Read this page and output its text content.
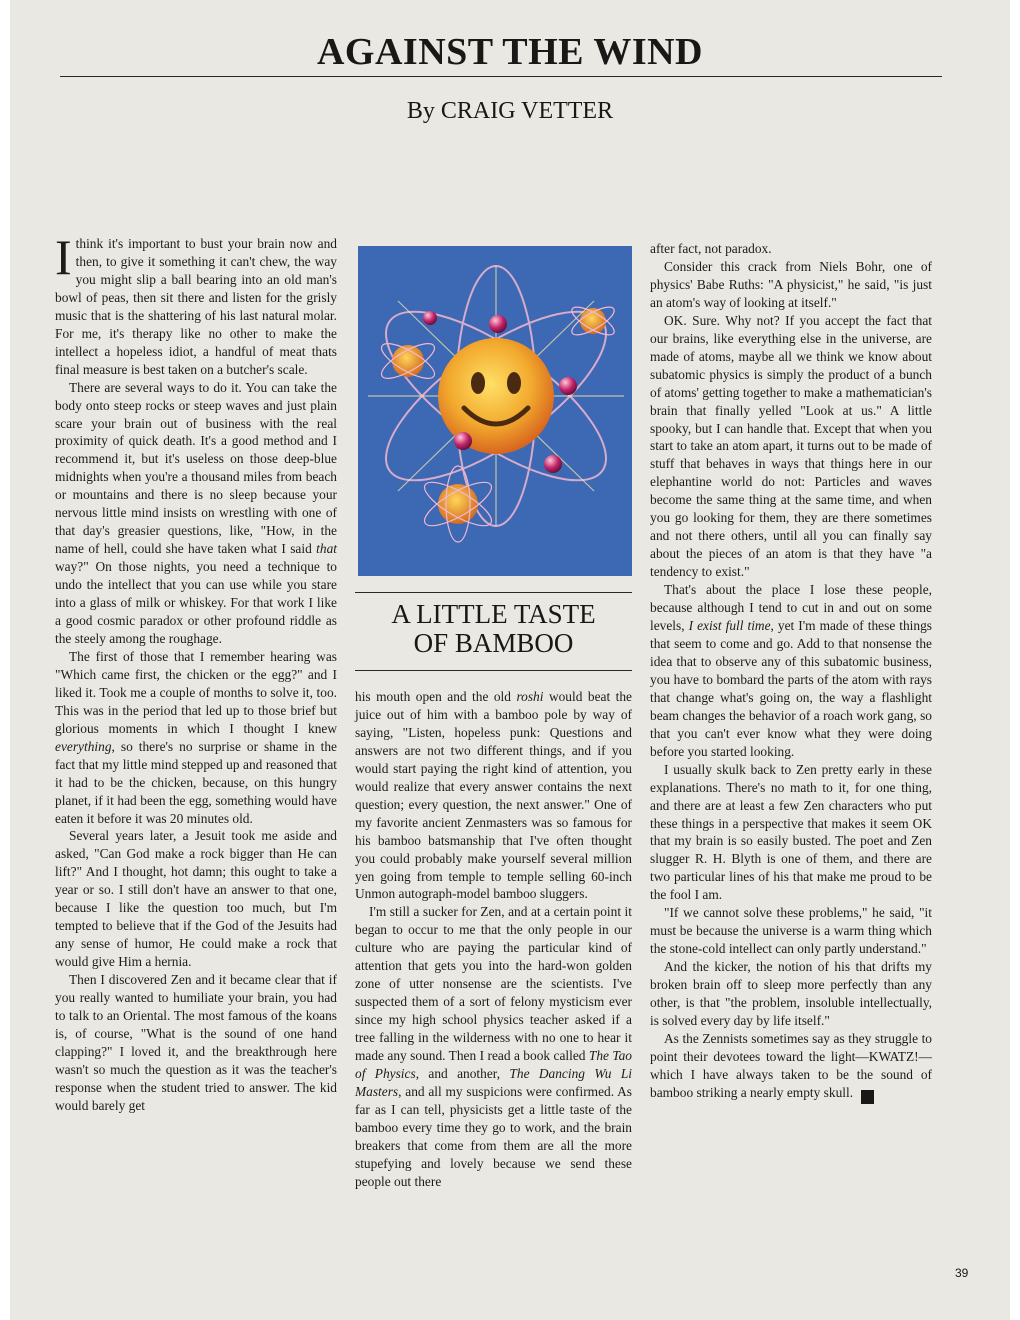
AGAINST THE WIND
By CRAIG VETTER

Ithink it's important to bust your brain now and then, to give it something it can't chew, the way you might slip a ball bearing into an old man's bowl of peas, then sit there and listen for the grisly music that is the shattering of his last natural molar. For me, it's therapy like no other to make the intellect a hopeless idiot, a handful of meat thats final measure is best taken on a butcher's scale.

There are several ways to do it. You can take the body onto steep rocks or steep waves and just plain scare your brain out of business with the real proximity of quick death. It's a good method and I recommend it, but it's useless on those deep-blue midnights when you're a thousand miles from beach or mountains and there is no sleep because your nervous little mind insists on wrestling with one of that day's greasier questions, like, "How, in the name of hell, could she have taken what I said that way?" On those nights, you need a technique to undo the intellect that you can use while you stare into a glass of milk or whiskey. For that work I like a good cosmic paradox or other profound riddle as the steely among the roughage.

The first of those that I remember hearing was "Which came first, the chicken or the egg?" and I liked it. Took me a couple of months to solve it, too. This was in the period that led up to those brief but glorious moments in which I thought I knew everything, so there's no surprise or shame in the fact that my little mind stepped up and reasoned that it had to be the chicken, because, on this hungry planet, if it had been the egg, something would have eaten it before it was 20 minutes old.

Several years later, a Jesuit took me aside and asked, "Can God make a rock bigger than He can lift?" And I thought, hot damn; this ought to take a year or so. I still don't have an answer to that one, because I like the question too much, but I'm tempted to believe that if the God of the Jesuits had any sense of humor, He could make a rock that would give Him a hernia.

Then I discovered Zen and it became clear that if you really wanted to humiliate your brain, you had to talk to an Oriental. The most famous of the koans is, of course, "What is the sound of one hand clapping?" I loved it, and the breakthrough here wasn't so much the question as it was the teacher's response when the student tried to answer. The kid would barely get

A LITTLE TASTE
OF BAMBOO

his mouth open and the old roshi would beat the juice out of him with a bamboo pole by way of saying, "Listen, hopeless punk: Questions and answers are not two different things, and if you would start paying the right kind of attention, you would realize that every answer contains the next question; every question, the next answer." One of my favorite ancient Zenmasters was so famous for his bamboo batsmanship that I've often thought you could probably make yourself several million yen going from temple to temple selling 60-inch Unmon autograph-model bamboo sluggers.

I'm still a sucker for Zen, and at a certain point it began to occur to me that the only people in our culture who are paying the particular kind of attention that gets you into the hard-won golden zone of utter nonsense are the scientists. I've suspected them of a sort of felony mysticism ever since my high school physics teacher asked if a tree falling in the wilderness with no one to hear it made any sound. Then I read a book called The Tao of Physics, and another, The Dancing Wu Li Masters, and all my suspicions were confirmed. As far as I can tell, physicists get a little taste of the bamboo every time they go to work, and the brain breakers that come from them are all the more stupefying and lovely because we send these people out there

after fact, not paradox.

Consider this crack from Niels Bohr, one of physics' Babe Ruths: "A physicist," he said, "is just an atom's way of looking at itself."

OK. Sure. Why not? If you accept the fact that our brains, like everything else in the universe, are made of atoms, maybe all we think we know about subatomic physics is simply the product of a bunch of atoms' getting together to make a mathematician's brain that finally yelled "Look at us." A little spooky, but I can handle that. Except that when you start to take an atom apart, it turns out to be made of stuff that behaves in ways that things here in our elephantine world do not: Particles and waves become the same thing at the same time, and when you go looking for them, they are there sometimes and not there others, until all you can finally say about the pieces of an atom is that they have "a tendency to exist."

That's about the place I lose these people, because although I tend to cut in and out on some levels, I exist full time, yet I'm made of these things that seem to come and go. Add to that nonsense the idea that to observe any of this subatomic business, you have to bombard the parts of the atom with rays that change what's going on, the way a flashlight beam changes the behavior of a roach work gang, so that you can't ever know what they were doing before you started looking.

I usually skulk back to Zen pretty early in these explanations. There's no math to it, for one thing, and there are at least a few Zen characters who put these things in a perspective that makes it seem OK that my brain is so easily busted. The poet and Zen slugger R. H. Blyth is one of them, and there are two particular lines of his that make me proud to be the fool I am.

"If we cannot solve these problems," he said, "it must be because the universe is a warm thing which the stone-cold intellect can only partly understand."

And the kicker, the notion of his that drifts my broken brain off to sleep more perfectly than any other, is that "the problem, insoluble intellectually, is solved every day by life itself."

As the Zennists sometimes say as they struggle to point their devotees toward the light—KWATZ!—which I have always taken to be the sound of bamboo striking a nearly empty skull. ■

39
